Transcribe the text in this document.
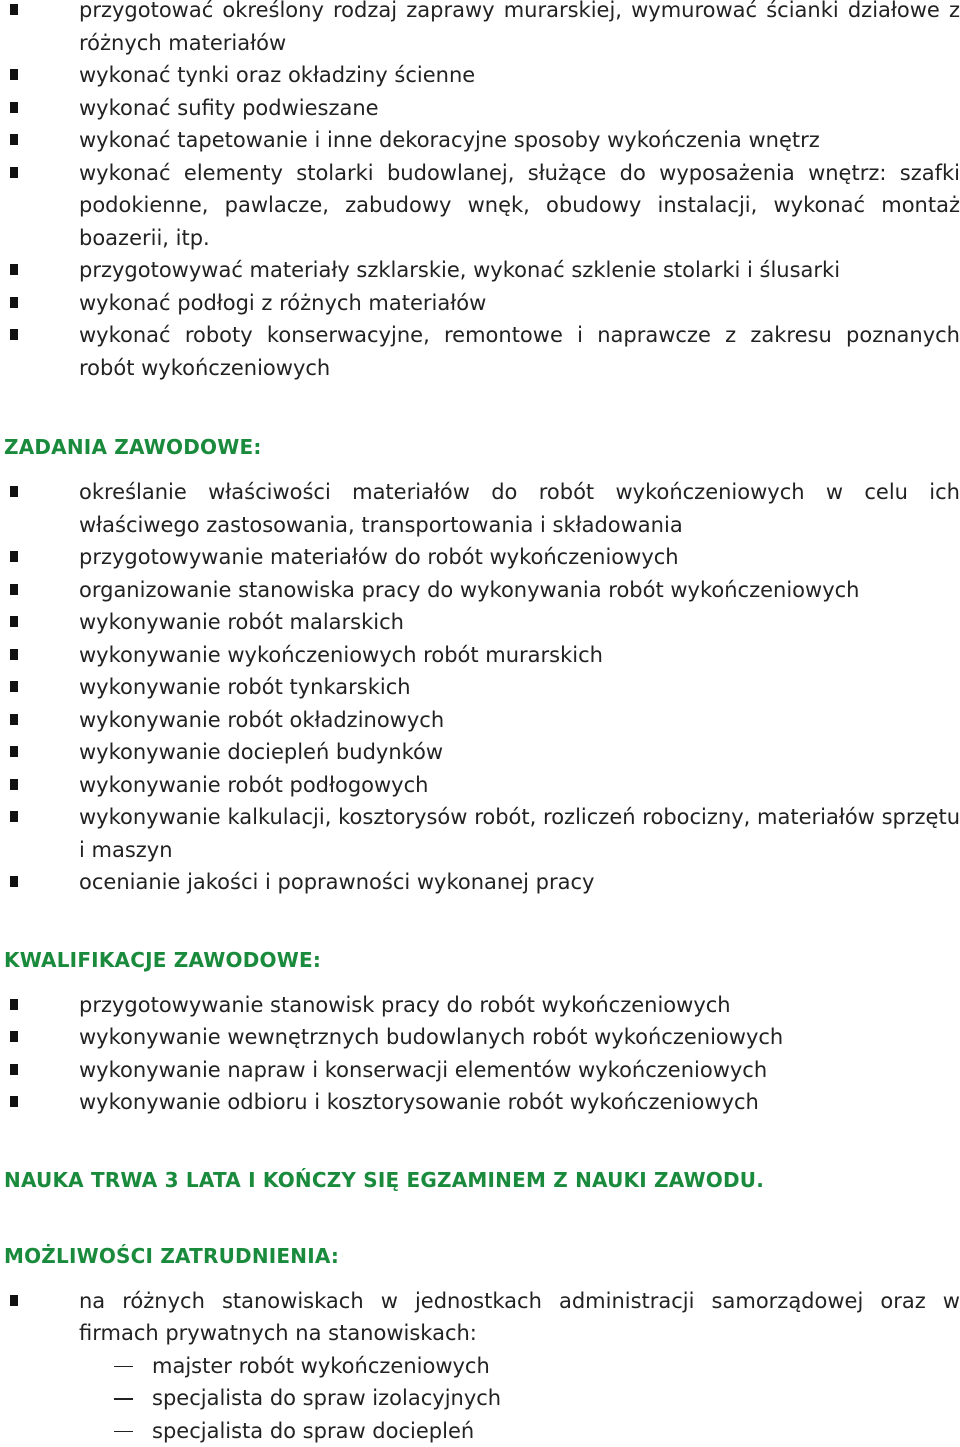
przygotować określony rodzaj zaprawy murarskiej, wymurować ścianki działowe z różnych materiałów
wykonać tynki oraz okładziny ścienne
wykonać sufity podwieszane
wykonać tapetowanie i inne dekoracyjne sposoby wykończenia wnętrz
wykonać elementy stolarki budowlanej, służące do wyposażenia wnętrz: szafki podokienne, pawlacze, zabudowy wnęk, obudowy instalacji, wykonać montaż boazerii, itp.
przygotowywać materiały szklarskie, wykonać szklenie stolarki i ślusarki
wykonać podłogi z różnych materiałów
wykonać roboty konserwacyjne, remontowe i naprawcze z zakresu poznanych robót wykończeniowych
ZADANIA ZAWODOWE:
określanie właściwości materiałów do robót wykończeniowych w celu ich właściwego zastosowania, transportowania i składowania
przygotowywanie materiałów do robót wykończeniowych
organizowanie stanowiska pracy do wykonywania robót wykończeniowych
wykonywanie robót malarskich
wykonywanie wykończeniowych robót murarskich
wykonywanie robót tynkarskich
wykonywanie robót okładzinowych
wykonywanie dociepleń budynków
wykonywanie robót podłogowych
wykonywanie kalkulacji, kosztorysów robót, rozliczeń robocizny, materiałów sprzętu i maszyn
ocenianie jakości i poprawności wykonanej pracy
KWALIFIKACJE ZAWODOWE:
przygotowywanie stanowisk pracy do robót wykończeniowych
wykonywanie wewnętrznych budowlanych robót wykończeniowych
wykonywanie napraw i konserwacji elementów wykończeniowych
wykonywanie odbioru i kosztorysowanie robót wykończeniowych
NAUKA TRWA 3 LATA I KOŃCZY SIĘ EGZAMINEM Z NAUKI ZAWODU.
MOŻLIWOŚCI ZATRUDNIENIA:
na różnych stanowiskach w jednostkach administracji samorządowej oraz w firmach prywatnych na stanowiskach:
majster robót wykończeniowych
specjalista do spraw izolacyjnych
specjalista do spraw dociepleń
